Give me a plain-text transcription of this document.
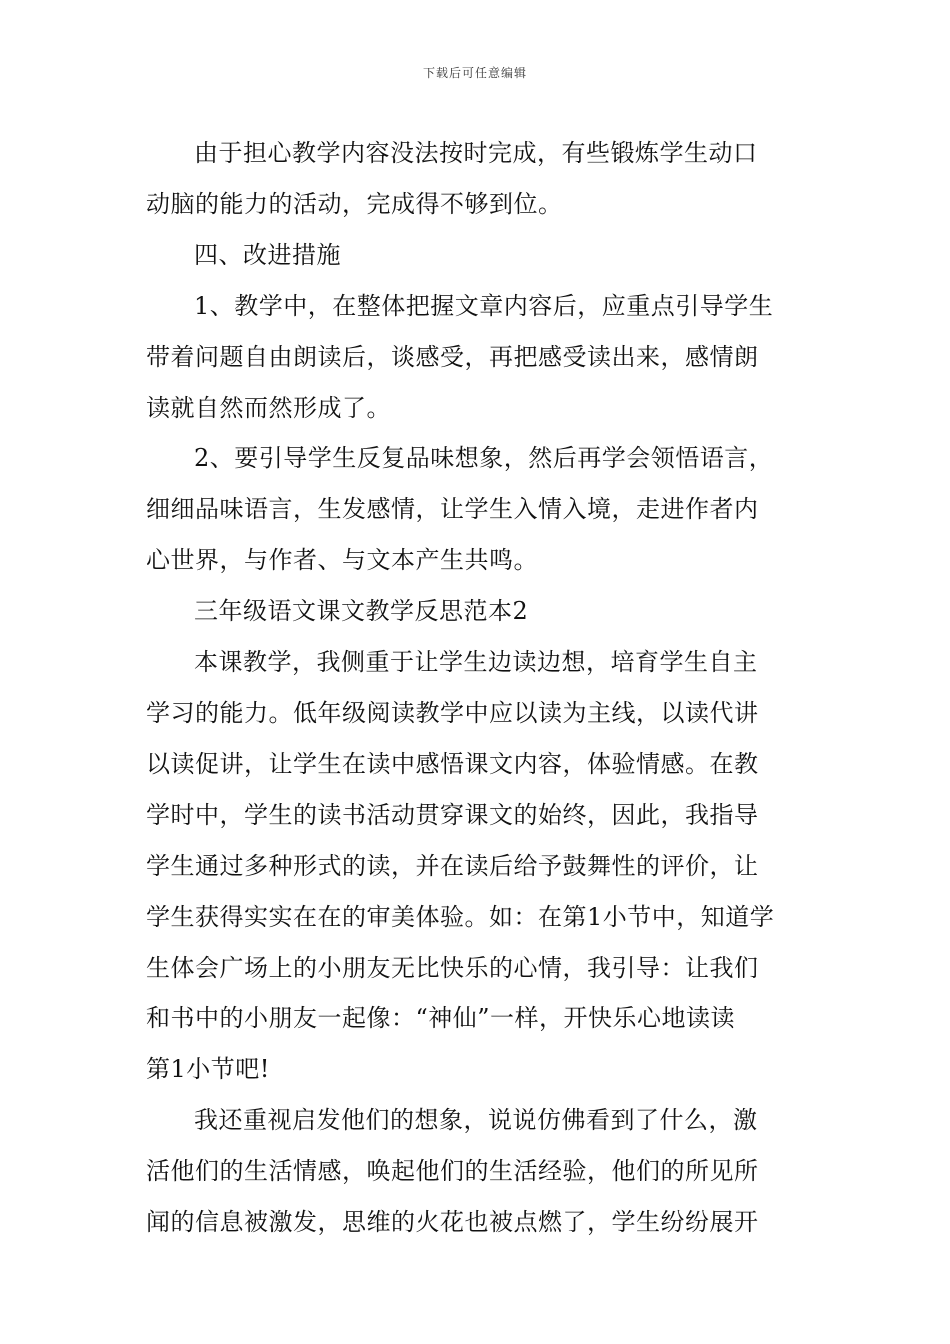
下载后可任意编辑

由于担心教学内容没法按时完成，有些锻炼学生动口
动脑的能力的活动，完成得不够到位。

四、改进措施

1、教学中，在整体把握文章内容后，应重点引导学生
带着问题自由朗读后，谈感受，再把感受读出来，感情朗
读就自然而然形成了。

2、要引导学生反复品味想象，然后再学会领悟语言，
细细品味语言，生发感情，让学生入情入境，走进作者内
心世界，与作者、与文本产生共鸣。

三年级语文课文教学反思范本2

本课教学，我侧重于让学生边读边想，培育学生自主
学习的能力。低年级阅读教学中应以读为主线，以读代讲
以读促讲，让学生在读中感悟课文内容，体验情感。在教
学时中，学生的读书活动贯穿课文的始终，因此，我指导
学生通过多种形式的读，并在读后给予鼓舞性的评价，让
学生获得实实在在的审美体验。如：在第1小节中，知道学
生体会广场上的小朋友无比快乐的心情，我引导：让我们
和书中的小朋友一起像：“神仙”一样，开快乐心地读读
第1小节吧!

我还重视启发他们的想象，说说仿佛看到了什么，激
活他们的生活情感，唤起他们的生活经验，他们的所见所
闻的信息被激发，思维的火花也被点燃了，学生纷纷展开
